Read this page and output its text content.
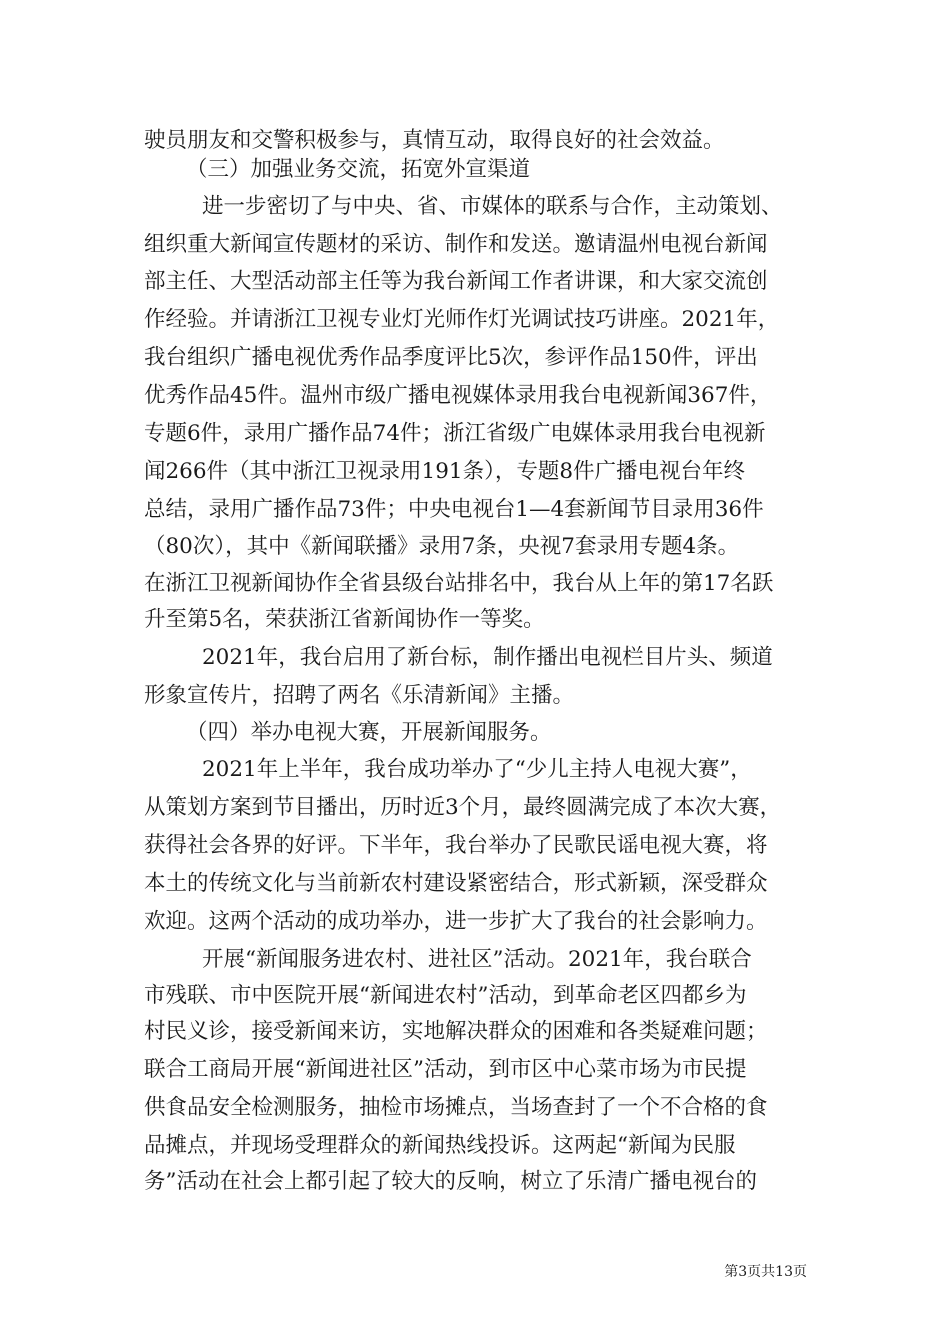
驶员朋友和交警积极参与，真情互动，取得良好的社会效益。
（三）加强业务交流，拓宽外宣渠道
进一步密切了与中央、省、市媒体的联系与合作，主动策划、
组织重大新闻宣传题材的采访、制作和发送。邀请温州电视台新闻
部主任、大型活动部主任等为我台新闻工作者讲课，和大家交流创
作经验。并请浙江卫视专业灯光师作灯光调试技巧讲座。2021年，
我台组织广播电视优秀作品季度评比5次，参评作品150件，评出
优秀作品45件。温州市级广播电视媒体录用我台电视新闻367件，
专题6件，录用广播作品74件；浙江省级广电媒体录用我台电视新
闻266件（其中浙江卫视录用191条），专题8件广播电视台年终
总结，录用广播作品73件；中央电视台1—4套新闻节目录用36件
（80次），其中《新闻联播》录用7条，央视7套录用专题4条。
在浙江卫视新闻协作全省县级台站排名中，我台从上年的第17名跃
升至第5名，荣获浙江省新闻协作一等奖。
2021年，我台启用了新台标，制作播出电视栏目片头、频道
形象宣传片，招聘了两名《乐清新闻》主播。
（四）举办电视大赛，开展新闻服务。
2021年上半年，我台成功举办了“少儿主持人电视大赛”，
从策划方案到节目播出，历时近3个月，最终圆满完成了本次大赛，
获得社会各界的好评。下半年，我台举办了民歌民谣电视大赛，将
本土的传统文化与当前新农村建设紧密结合，形式新颖，深受群众
欢迎。这两个活动的成功举办，进一步扩大了我台的社会影响力。
开展“新闻服务进农村、进社区”活动。2021年，我台联合
市残联、市中医院开展“新闻进农村”活动，到革命老区四都乡为
村民义诊，接受新闻来访，实地解决群众的困难和各类疑难问题；
联合工商局开展“新闻进社区”活动，到市区中心菜市场为市民提
供食品安全检测服务，抽检市场摊点，当场查封了一个不合格的食
品摊点，并现场受理群众的新闻热线投诉。这两起“新闻为民服
务”活动在社会上都引起了较大的反响，树立了乐清广播电视台的
第3页共13页
